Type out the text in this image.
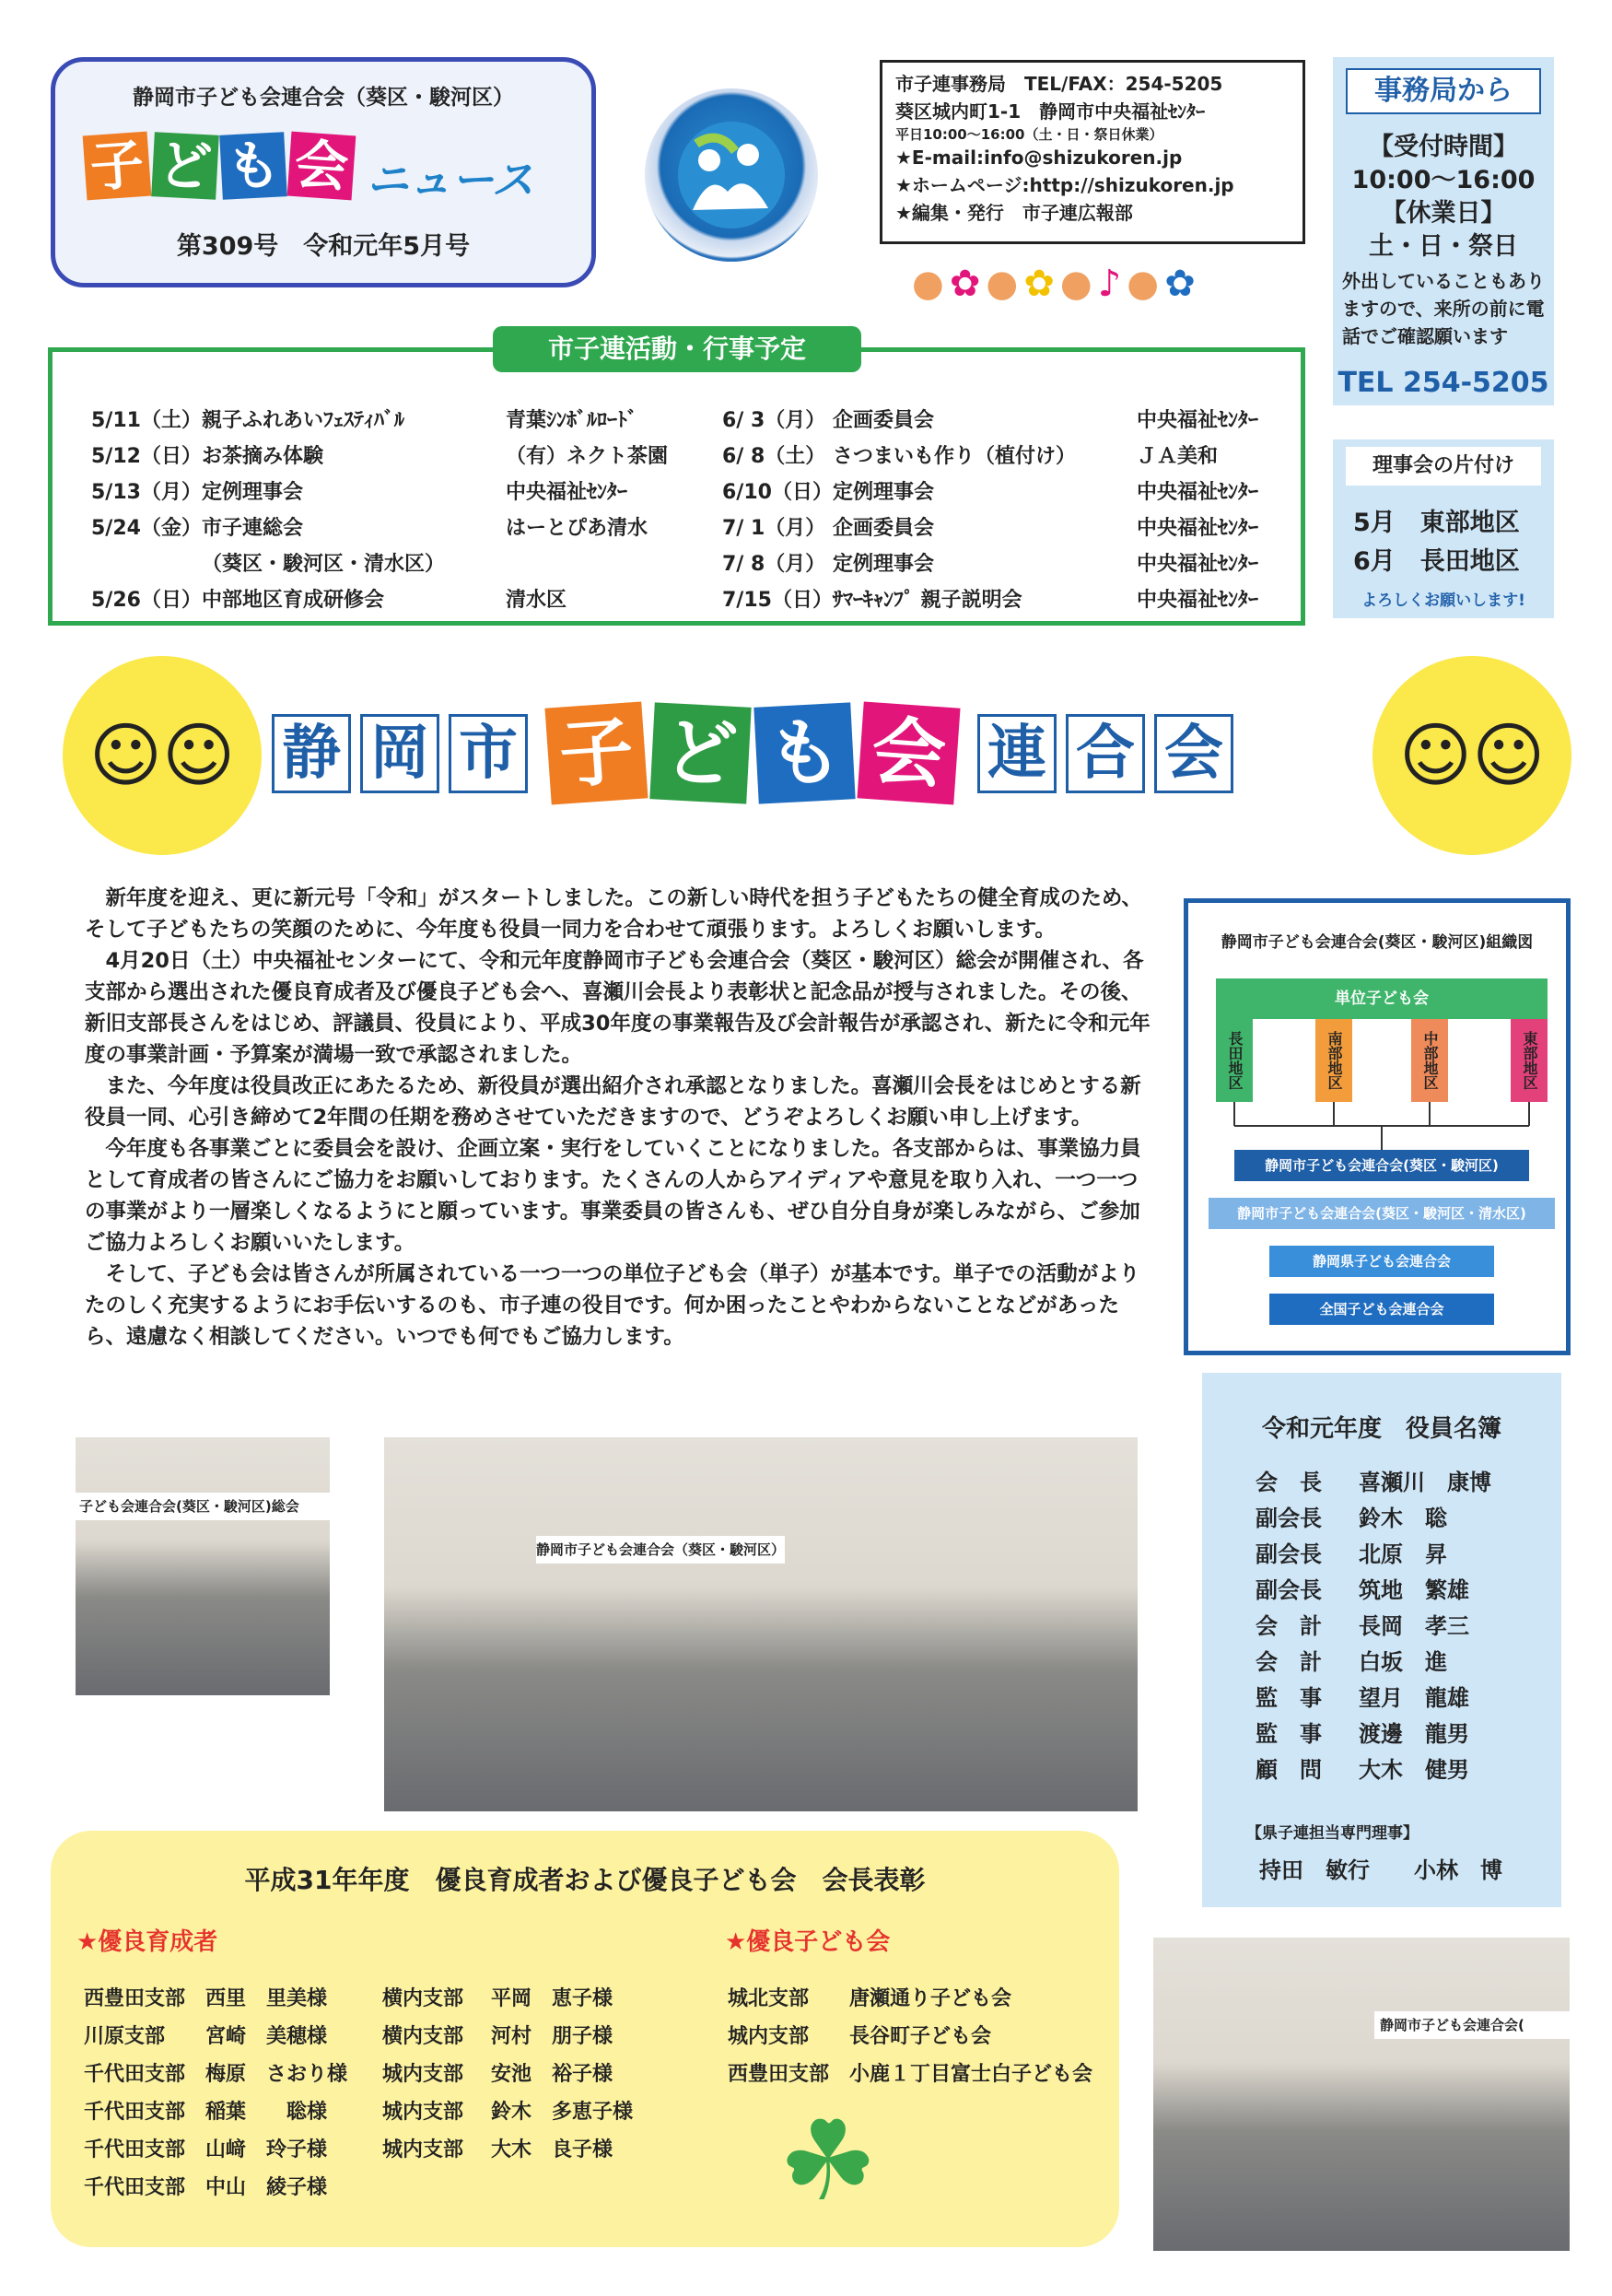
静岡市子ども会連合会（葵区・駿河区）
子 ど も 会 ニュース
第309号　令和元年5月号
市子連事務局　TEL/FAX：254-5205
葵区城内町1-1　静岡市中央福祉ｾﾝﾀｰ
平日10:00～16:00（土・日・祭日休業）
★E-mail:info@shizukoren.jp
★ホームページ:http://shizukoren.jp
★編集・発行　市子連広報部
●✿●✿●♪●✿
事務局から
【受付時間】
10:00～16:00
【休業日】
土・日・祭日
外出していることもありますので、来所の前に電話でご確認願います
TEL 254-5205
理事会の片付け
5月　東部地区
6月　長田地区
よろしくお願いします!
市子連活動・行事予定
5/11（土） 親子ふれあいﾌｪｽﾃｨﾊﾞﾙ	青葉ｼﾝﾎﾞﾙﾛｰﾄﾞ
5/12（日） お茶摘み体験	（有）ネクト茶園
5/13（月） 定例理事会	中央福祉ｾﾝﾀｰ
5/24（金） 市子連総会	はーとぴあ清水
（葵区・駿河区・清水区）
5/26（日） 中部地区育成研修会	清水区
6/ 3（月） 企画委員会	中央福祉ｾﾝﾀｰ
6/ 8（土） さつまいも作り（植付け）	ＪＡ美和
6/10（日） 定例理事会	中央福祉ｾﾝﾀｰ
7/ 1（月） 企画委員会	中央福祉ｾﾝﾀｰ
7/ 8（月） 定例理事会	中央福祉ｾﾝﾀｰ
7/15（日） ｻﾏｰｷｬﾝﾌﾟ 親子説明会	中央福祉ｾﾝﾀｰ
☺☺	☺☺
静 岡 市 子 ど も 会 連 合 会

　新年度を迎え、更に新元号「令和」がスタートしました。この新しい時代を担う子どもたちの健全育成のため、そして子どもたちの笑顔のために、今年度も役員一同力を合わせて頑張ります。よろしくお願いします。

　4月20日（土）中央福祉センターにて、令和元年度静岡市子ども会連合会（葵区・駿河区）総会が開催され、各支部から選出された優良育成者及び優良子ども会へ、喜瀬川会長より表彰状と記念品が授与されました。その後、新旧支部長さんをはじめ、評議員、役員により、平成30年度の事業報告及び会計報告が承認され、新たに令和元年度の事業計画・予算案が満場一致で承認されました。

　また、今年度は役員改正にあたるため、新役員が選出紹介され承認となりました。喜瀬川会長をはじめとする新役員一同、心引き締めて2年間の任期を務めさせていただきますので、どうぞよろしくお願い申し上げます。

　今年度も各事業ごとに委員会を設け、企画立案・実行をしていくことになりました。各支部からは、事業協力員として育成者の皆さんにご協力をお願いしております。たくさんの人からアイディアや意見を取り入れ、一つ一つの事業がより一層楽しくなるようにと願っています。事業委員の皆さんも、ぜひ自分自身が楽しみながら、ご参加ご協力よろしくお願いいたします。

　そして、子ども会は皆さんが所属されている一つ一つの単位子ども会（単子）が基本です。単子での活動がよりたのしく充実するようにお手伝いするのも、市子連の役目です。何か困ったことやわからないことなどがあったら、遠慮なく相談してください。いつでも何でもご協力します。

静岡市子ども会連合会(葵区・駿河区)組織図
単位子ども会
長田地区	南部地区	中部地区	東部地区
静岡市子ども会連合会(葵区・駿河区)
静岡市子ども会連合会(葵区・駿河区・清水区)
静岡県子ども会連合会
全国子ども会連合会
令和元年度　役員名簿
会　長 喜瀬川　康博
副会長 鈴木　聡
副会長 北原　昇
副会長 筑地　繁雄
会　計 長岡　孝三
会　計 白坂　進
監　事 望月　龍雄
監　事 渡邊　龍男
顧　問 大木　健男
【県子連担当専門理事】
持田　敏行　　小林　博
子ども会連合会(葵区・駿河区)総会
静岡市子ども会連合会（葵区・駿河区）
静岡市子ども会連合会(
平成31年年度　優良育成者および優良子ども会　会長表彰
★優良育成者	★優良子ども会
西豊田支部 西里　里美様
川原支部 宮崎　美穂様
千代田支部 梅原　さおり様
千代田支部 稲葉　　聡様
千代田支部 山﨑　玲子様
千代田支部 中山　綾子様
横内支部 平岡　恵子様
横内支部 河村　朋子様
城内支部 安池　裕子様
城内支部 鈴木　多恵子様
城内支部 大木　良子様
城北支部 唐瀬通り子ども会
城内支部 長谷町子ども会
西豊田支部 小鹿１丁目富士白子ども会
☘
